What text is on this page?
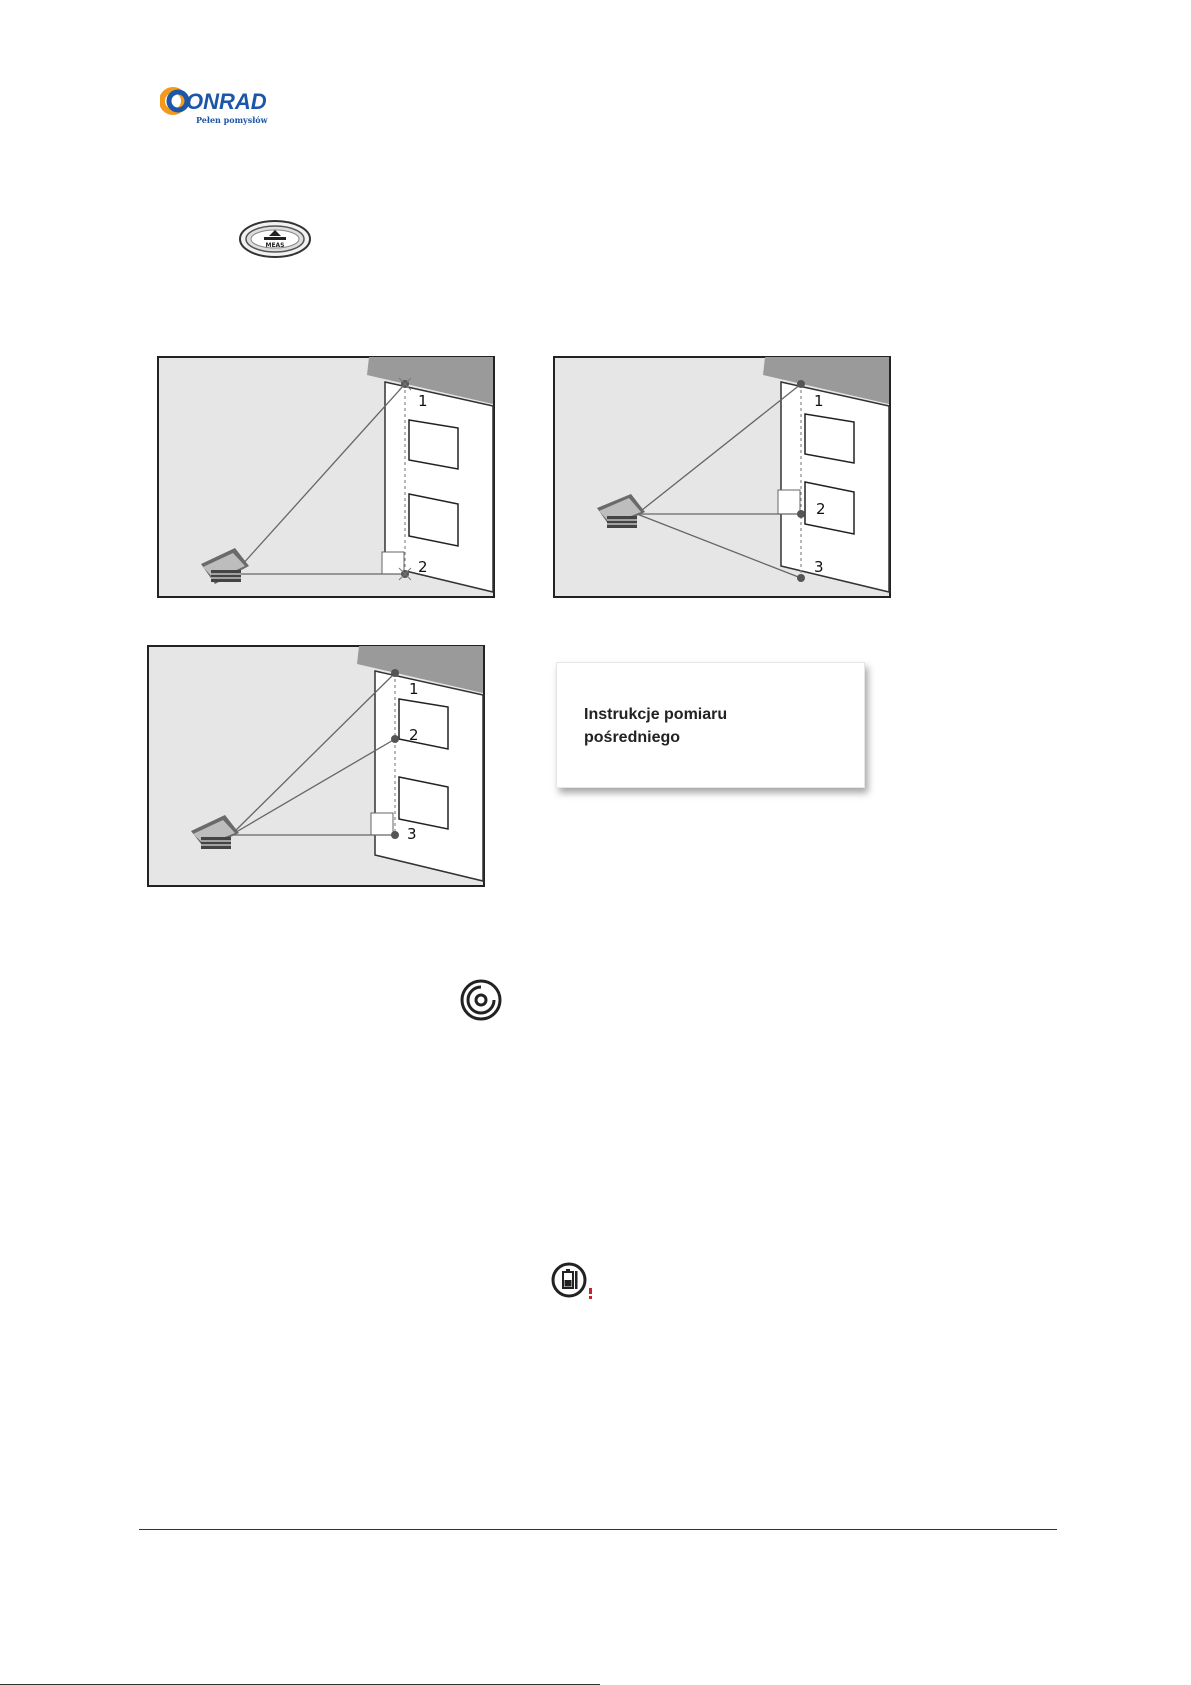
ONRAD
Pełen pomysłów
MEAS
1
2
1
2
3
1
2
3
Instrukcje pomiaru pośredniego
